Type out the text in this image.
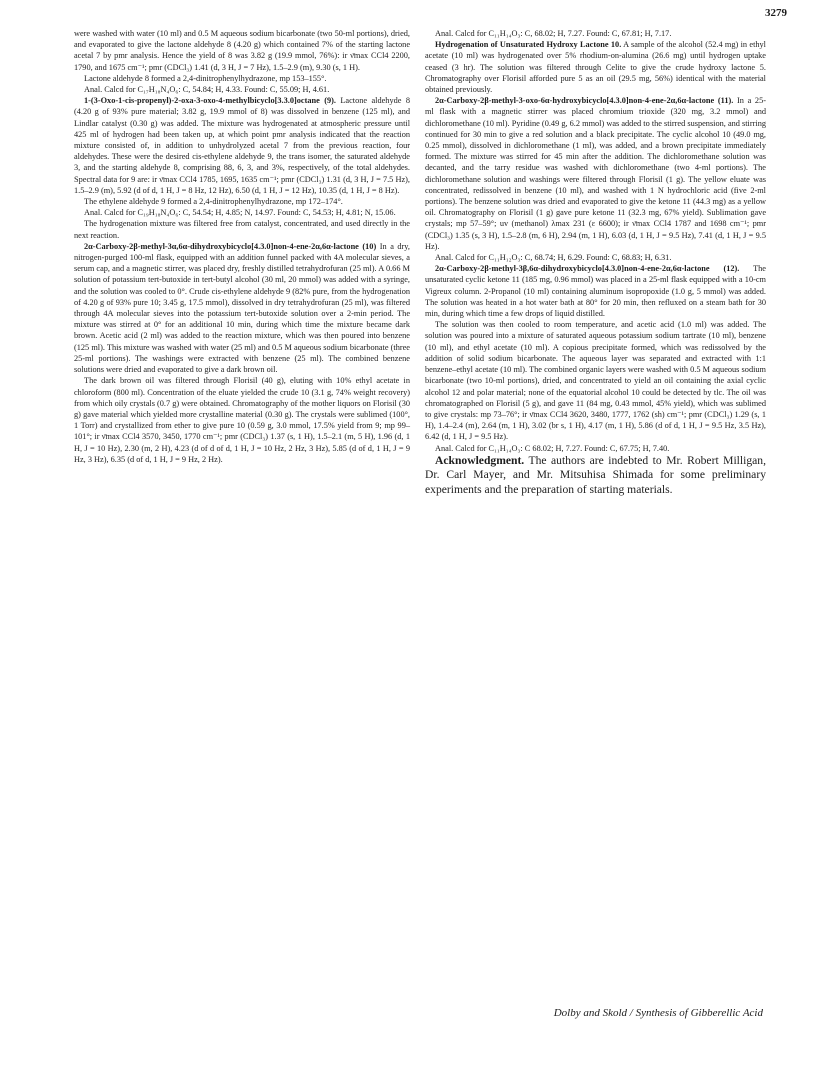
3279

were washed with water (10 ml) and 0.5 M aqueous sodium bicarbonate (two 50-ml portions), dried, and evaporated to give the lactone aldehyde 8 (4.20 g) which contained 7% of the starting lactone acetal 7 by pmr analysis. Hence the yield of 8 was 3.82 g (19.9 mmol, 76%): ir ν̄max CCl4 2200, 1790, and 1675 cm⁻¹; pmr (CDCl₃) 1.41 (d, 3 H, J = 7 Hz), 1.5–2.9 (m), 9.30 (s, 1 H).

Lactone aldehyde 8 formed a 2,4-dinitrophenylhydrazone, mp 153–155°.

Anal. Calcd for C₁₇H₁₈N₄O₆: C, 54.84; H, 4.33. Found: C, 55.09; H, 4.61.

1-(3-Oxo-1-cis-propenyl)-2-oxa-3-oxo-4-methylbicyclo[3.3.0]octane (9). Lactone aldehyde 8 (4.20 g of 93% pure material; 3.82 g, 19.9 mmol of 8) was dissolved in benzene (125 ml), and Lindlar catalyst (0.30 g) was added. The mixture was hydrogenated at atmospheric pressure until 425 ml of hydrogen had been taken up, at which point pmr analysis indicated that the reaction mixture consisted of, in addition to unhydrolyzed acetal 7 from the previous reaction, four aldehydes. These were the desired cis-ethylene aldehyde 9, the trans isomer, the saturated aldehyde 3, and the starting aldehyde 8, comprising 88, 6, 3, and 3%, respectively, of the total aldehydes. Spectral data for 9 are: ir ν̄max CCl4 1785, 1695, 1635 cm⁻¹; pmr (CDCl₃) 1.31 (d, 3 H, J = 7.5 Hz), 1.5–2.9 (m), 5.92 (d of d, 1 H, J = 8 Hz, 12 Hz), 6.50 (d, 1 H, J = 12 Hz), 10.35 (d, 1 H, J = 8 Hz).

The ethylene aldehyde 9 formed a 2,4-dinitrophenylhydrazone, mp 172–174°.

Anal. Calcd for C₁₉H₁₈N₄O₆: C, 54.54; H, 4.85; N, 14.97. Found: C, 54.53; H, 4.81; N, 15.06.

The hydrogenation mixture was filtered free from catalyst, concentrated, and used directly in the next reaction.

2α-Carboxy-2β-methyl-3α,6α-dihydroxybicyclo[4.3.0]non-4-ene-2α,6α-lactone (10) In a dry, nitrogen-purged 100-ml flask, equipped with an addition funnel packed with 4A molecular sieves, a serum cap, and a magnetic stirrer, was placed dry, freshly distilled tetrahydrofuran (25 ml). A 0.66 M solution of potassium tert-butoxide in tert-butyl alcohol (30 ml, 20 mmol) was added with a syringe, and the solution was cooled to 0°. Crude cis-ethylene aldehyde 9 (82% pure, from the hydrogenation of 4.20 g of 93% pure 10; 3.45 g, 17.5 mmol), dissolved in dry tetrahydrofuran (25 ml), was filtered through 4A molecular sieves into the potassium tert-butoxide solution over a 2-min period. The mixture was stirred at 0° for an additional 10 min, during which time the mixture became dark brown. Acetic acid (2 ml) was added to the reaction mixture, which was then poured into benzene (125 ml). This mixture was washed with water (25 ml) and 0.5 M aqueous sodium bicarbonate (three 25-ml portions). The washings were extracted with benzene (25 ml). The combined benzene solutions were dried and evaporated to give a dark brown oil.

The dark brown oil was filtered through Florisil (40 g), eluting with 10% ethyl acetate in chloroform (800 ml). Concentration of the eluate yielded the crude 10 (3.1 g, 74% weight recovery) from which oily crystals (0.7 g) were obtained. Chromatography of the mother liquors on Florisil (30 g) gave material which yielded more crystalline material (0.30 g). The crystals were sublimed (100°, 1 Torr) and crystallized from ether to give pure 10 (0.59 g, 3.0 mmol, 17.5% yield from 9; mp 99–101°; ir ν̄max CCl4 3570, 3450, 1770 cm⁻¹; pmr (CDCl₃) 1.37 (s, 1 H), 1.5–2.1 (m, 5 H), 1.96 (d, 1 H, J = 10 Hz), 2.30 (m, 2 H), 4.23 (d of d of d, 1 H, J = 10 Hz, 2 Hz, 3 Hz), 5.85 (d of d, 1 H, J = 9 Hz, 3 Hz), 6.35 (d of d, 1 H, J = 9 Hz, 2 Hz).

Anal. Calcd for C₁₁H₁₄O₃: C, 68.02; H, 7.27. Found: C, 67.81; H, 7.17.

Hydrogenation of Unsaturated Hydroxy Lactone 10. A sample of the alcohol (52.4 mg) in ethyl acetate (10 ml) was hydrogenated over 5% rhodium-on-alumina (26.6 mg) until hydrogen uptake ceased (3 hr). The solution was filtered through Celite to give the crude hydroxy lactone 5. Chromatography over Florisil afforded pure 5 as an oil (29.5 mg, 56%) identical with the material obtained previously.

2α-Carboxy-2β-methyl-3-oxo-6α-hydroxybicyclo[4.3.0]non-4-ene-2α,6α-lactone (11). In a 25-ml flask with a magnetic stirrer was placed chromium trioxide (320 mg, 3.2 mmol) and dichloromethane (10 ml). Pyridine (0.49 g, 6.2 mmol) was added to the stirred suspension, and stirring continued for 30 min to give a red solution and a black precipitate. The cyclic alcohol 10 (49.0 mg, 0.25 mmol), dissolved in dichloromethane (1 ml), was added, and a brown precipitate immediately formed. The mixture was stirred for 45 min after the addition. The dichloromethane solution was decanted, and the tarry residue was washed with dichloromethane (two 4-ml portions). The dichloromethane solution and washings were filtered through Florisil (1 g). The yellow eluate was concentrated, redissolved in benzene (10 ml), and washed with 1 N hydrochloric acid (five 2-ml portions). The benzene solution was dried and evaporated to give the ketone 11 (44.3 mg) as a yellow oil. Chromatography on Florisil (1 g) gave pure ketone 11 (32.3 mg, 67% yield). Sublimation gave crystals; mp 57–59°; uv (methanol) λmax 231 (ε 6600); ir ν̄max CCl4 1787 and 1698 cm⁻¹; pmr (CDCl₃) 1.35 (s, 3 H), 1.5–2.8 (m, 6 H), 2.94 (m, 1 H), 6.03 (d, 1 H, J = 9.5 Hz), 7.41 (d, 1 H, J = 9.5 Hz).

Anal. Calcd for C₁₁H₁₂O₃: C, 68.74; H, 6.29. Found: C, 68.83; H, 6.31.

2α-Carboxy-2β-methyl-3β,6α-dihydroxybicyclo[4.3.0]non-4-ene-2α,6α-lactone (12). The unsaturated cyclic ketone 11 (185 mg, 0.96 mmol) was placed in a 25-ml flask equipped with a 10-cm Vigreux column. 2-Propanol (10 ml) containing aluminum isopropoxide (1.0 g, 5 mmol) was added. The solution was heated in a hot water bath at 80° for 20 min, then refluxed on a steam bath for 30 min, during which time a few drops of liquid distilled.

The solution was then cooled to room temperature, and acetic acid (1.0 ml) was added. The solution was poured into a mixture of saturated aqueous potassium sodium tartrate (10 ml), benzene (10 ml), and ethyl acetate (10 ml). A copious precipitate formed, which was redissolved by the addition of solid sodium bicarbonate. The aqueous layer was separated and extracted with 1:1 benzene–ethyl acetate (10 ml). The combined organic layers were washed with 0.5 M aqueous sodium bicarbonate (two 10-ml portions), dried, and concentrated to yield an oil containing the axial cyclic alcohol 12 and polar material; none of the equatorial alcohol 10 could be detected by tlc. The oil was chromatographed on Florisil (5 g), and gave 11 (84 mg, 0.43 mmol, 45% yield), which was sublimed to give crystals: mp 73–76°; ir ν̄max CCl4 3620, 3480, 1777, 1762 (sh) cm⁻¹; pmr (CDCl₃) 1.29 (s, 1 H), 1.4–2.4 (m), 2.64 (m, 1 H), 3.02 (br s, 1 H), 4.17 (m, 1 H), 5.86 (d of d, 1 H, J = 9.5 Hz, 3.5 Hz), 6.42 (d, 1 H, J = 9.5 Hz).

Anal. Calcd for C₁₁H₁₄O₃: C 68.02; H, 7.27. Found: C, 67.75; H, 7.40.

Acknowledgment. The authors are indebted to Mr. Robert Milligan, Dr. Carl Mayer, and Mr. Mitsuhisa Shimada for some preliminary experiments and the preparation of starting materials.

Dolby and Skold / Synthesis of Gibberellic Acid
